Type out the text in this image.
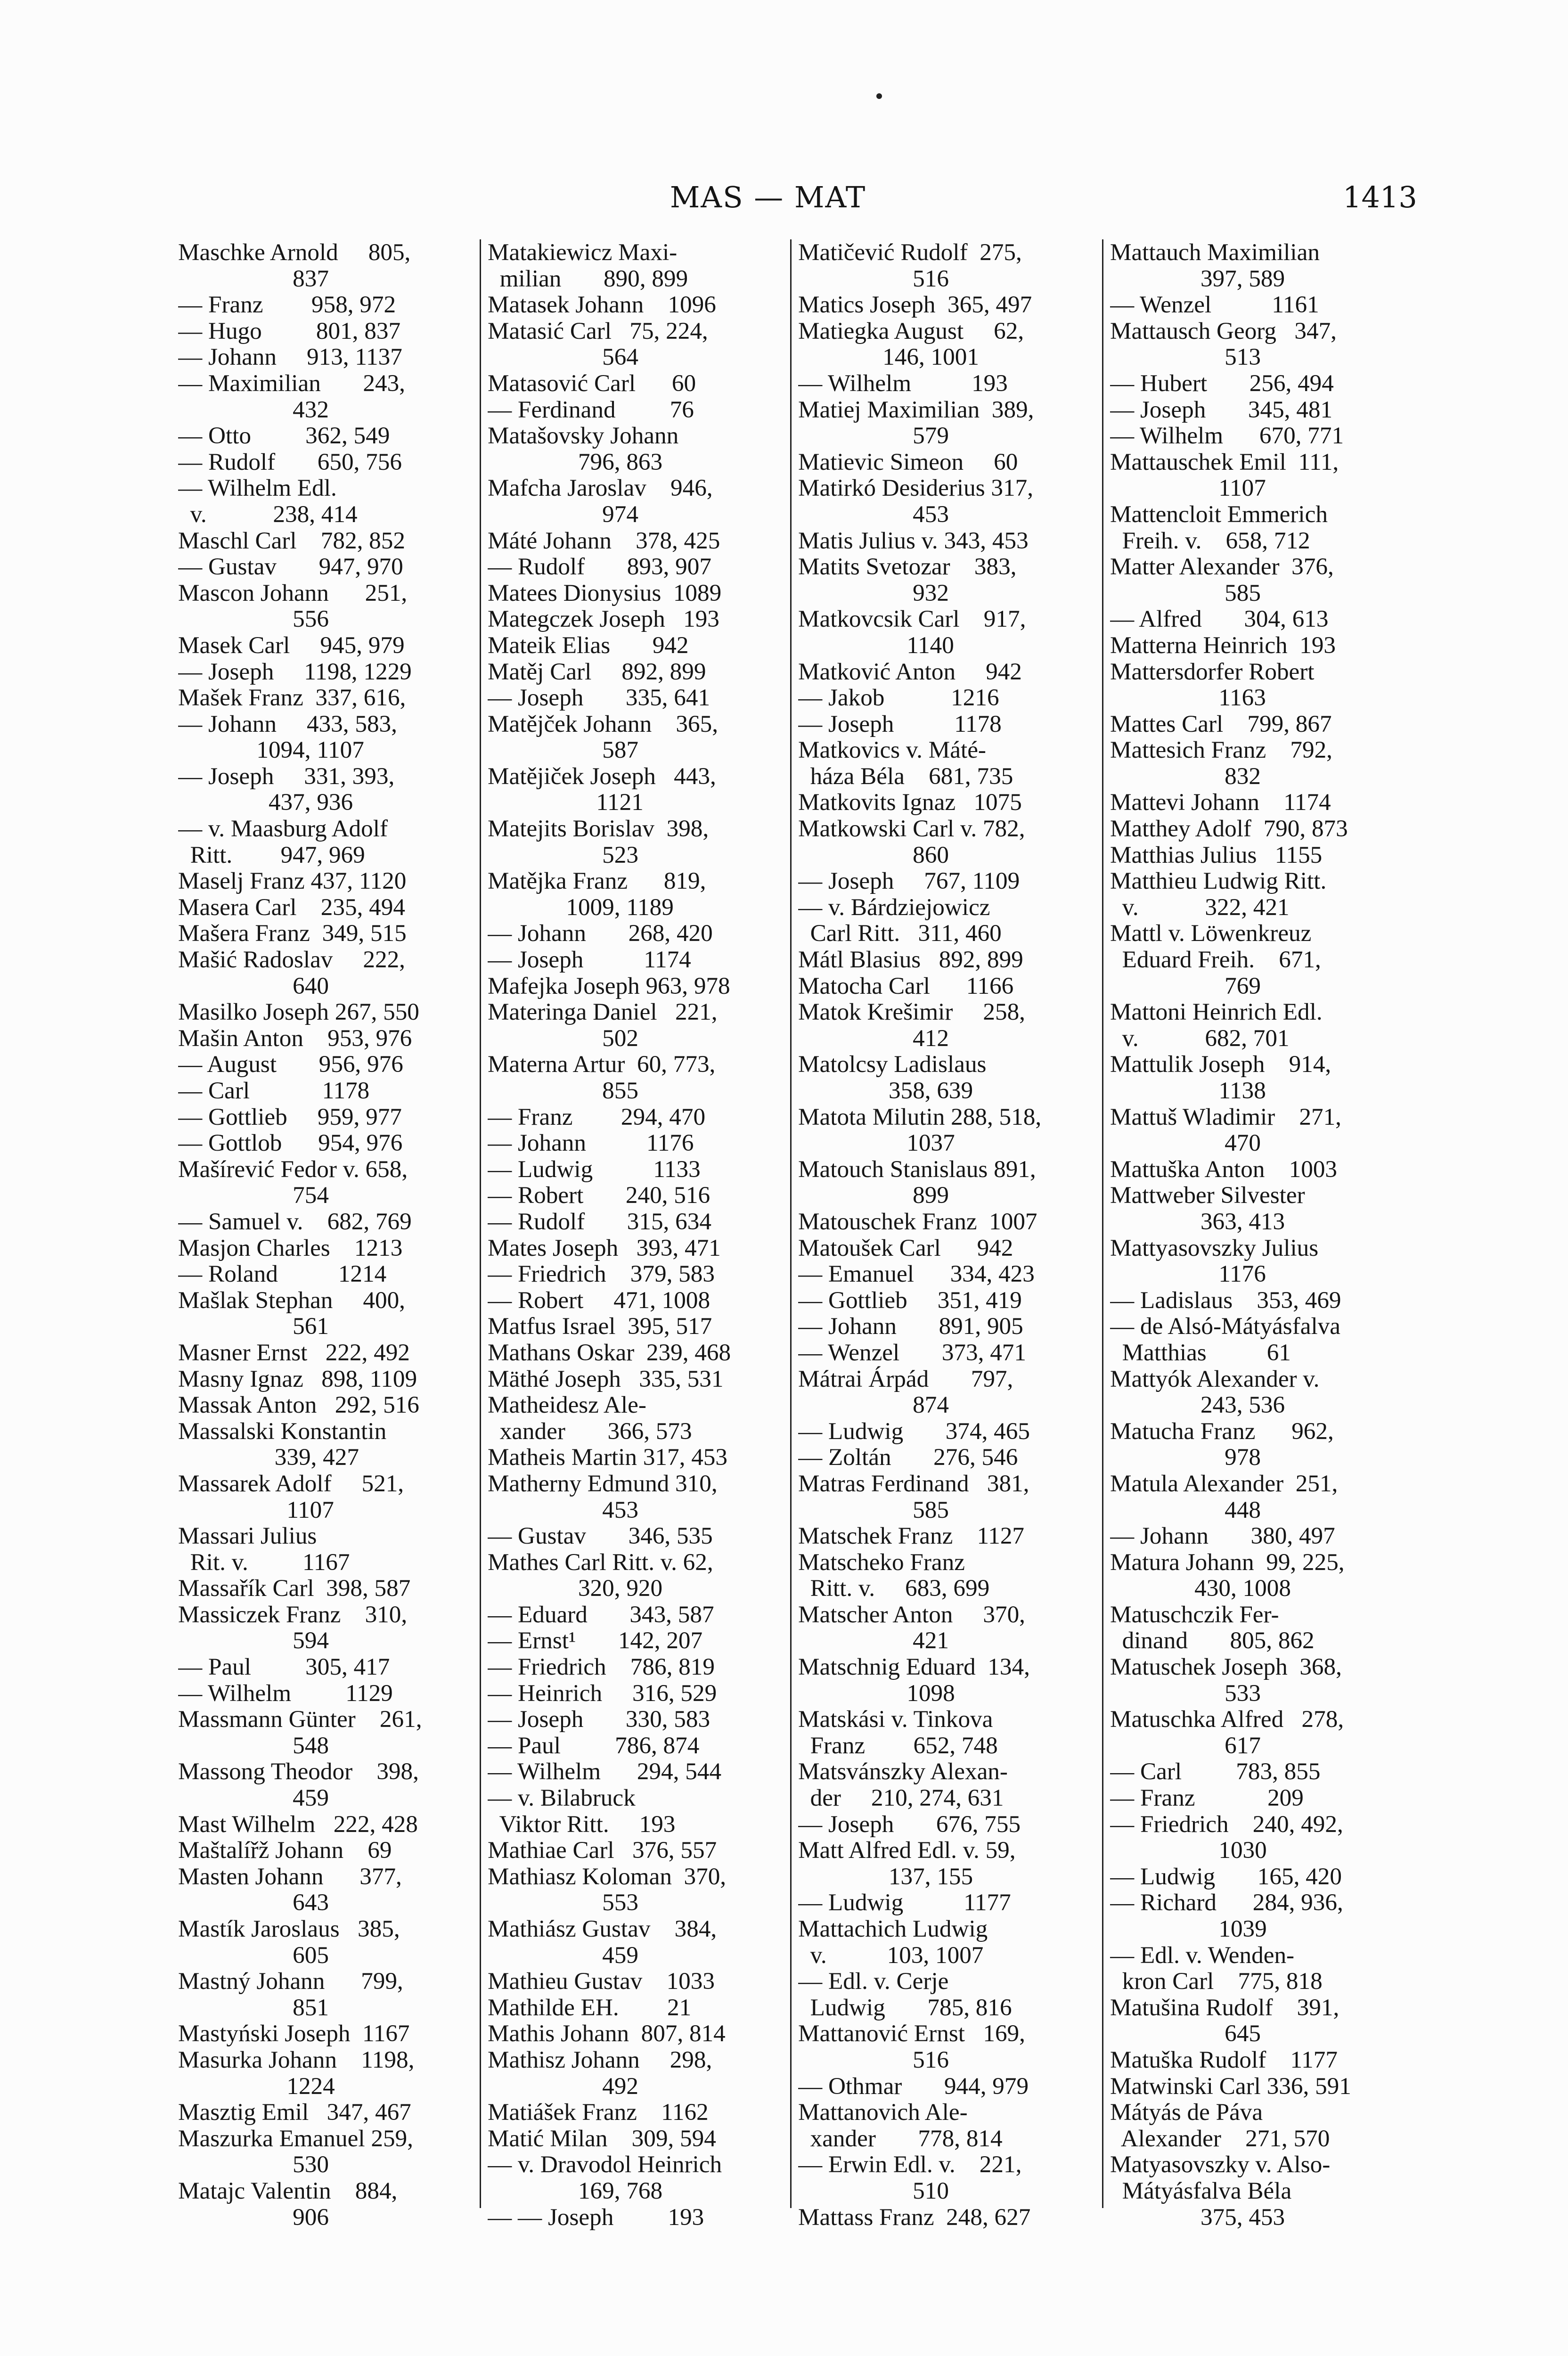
MAS — MAT	1413
Maschke Arnold     805,
837
— Franz        958, 972
— Hugo         801, 837
— Johann     913, 1137
— Maximilian       243,
432
— Otto         362, 549
— Rudolf       650, 756
— Wilhelm Edl.
v.           238, 414
Maschl Carl    782, 852
— Gustav       947, 970
Mascon Johann      251,
556
Masek Carl     945, 979
— Joseph     1198, 1229
Mašek Franz  337, 616,
— Johann     433, 583,
1094, 1107
— Joseph     331, 393,
437, 936
— v. Maasburg Adolf
Ritt.        947, 969
Maselj Franz 437, 1120
Masera Carl    235, 494
Mašera Franz  349, 515
Mašić Radoslav     222,
640
Masilko Joseph 267, 550
Mašin Anton    953, 976
— August       956, 976
— Carl            1178
— Gottlieb     959, 977
— Gottlob      954, 976
Mašírević Fedor v. 658,
754
— Samuel v.    682, 769
Masjon Charles    1213
— Roland          1214
Mašlak Stephan     400,
561
Masner Ernst   222, 492
Masny Ignaz   898, 1109
Massak Anton   292, 516
Massalski Konstantin
339, 427
Massarek Adolf     521,
1107
Massari Julius
Rit. v.         1167
Massařík Carl  398, 587
Massiczek Franz    310,
594
— Paul         305, 417
— Wilhelm         1129
Massmann Günter    261,
548
Massong Theodor    398,
459
Mast Wilhelm   222, 428
Maštalířž Johann    69
Masten Johann      377,
643
Mastík Jaroslaus   385,
605
Mastný Johann      799,
851
Mastyński Joseph  1167
Masurka Johann    1198,
1224
Masztig Emil   347, 467
Maszurka Emanuel 259,
530
Matajc Valentin    884,
906
Matakiewicz Maxi-
milian       890, 899
Matasek Johann    1096
Matasić Carl   75, 224,
564
Matasović Carl      60
— Ferdinand         76
Matašovsky Johann
796, 863
Mafcha Jaroslav    946,
974
Máté Johann    378, 425
— Rudolf       893, 907
Matees Dionysius  1089
Mategczek Joseph   193
Mateik Elias       942
Matěj Carl     892, 899
— Joseph       335, 641
Matějček Johann    365,
587
Matějiček Joseph   443,
1121
Matejits Borislav  398,
523
Matějka Franz      819,
1009, 1189
— Johann       268, 420
— Joseph          1174
Mafejka Joseph 963, 978
Materinga Daniel   221,
502
Materna Artur  60, 773,
855
— Franz        294, 470
— Johann          1176
— Ludwig          1133
— Robert       240, 516
— Rudolf       315, 634
Mates Joseph   393, 471
— Friedrich    379, 583
— Robert     471, 1008
Matfus Israel  395, 517
Mathans Oskar  239, 468
Mäthé Joseph   335, 531
Matheidesz Ale-
xander       366, 573
Matheis Martin 317, 453
Matherny Edmund 310,
453
— Gustav       346, 535
Mathes Carl Ritt. v. 62,
320, 920
— Eduard       343, 587
— Ernst¹       142, 207
— Friedrich    786, 819
— Heinrich     316, 529
— Joseph       330, 583
— Paul         786, 874
— Wilhelm      294, 544
— v. Bilabruck
Viktor Ritt.     193
Mathiae Carl   376, 557
Mathiasz Koloman  370,
553
Mathiász Gustav    384,
459
Mathieu Gustav    1033
Mathilde EH.        21
Mathis Johann  807, 814
Mathisz Johann     298,
492
Matiášek Franz    1162
Matić Milan    309, 594
— v. Dravodol Heinrich
169, 768
— — Joseph         193
Matičević Rudolf  275,
516
Matics Joseph  365, 497
Matiegka August     62,
146, 1001
— Wilhelm          193
Matiej Maximilian  389,
579
Matievic Simeon     60
Matirkó Desiderius 317,
453
Matis Julius v. 343, 453
Matits Svetozar    383,
932
Matkovcsik Carl    917,
1140
Matković Anton     942
— Jakob           1216
— Joseph          1178
Matkovics v. Máté-
háza Béla    681, 735
Matkovits Ignaz   1075
Matkowski Carl v. 782,
860
— Joseph     767, 1109
— v. Bárdziejowicz
Carl Ritt.   311, 460
Mátl Blasius   892, 899
Matocha Carl      1166
Matok Krešimir     258,
412
Matolcsy Ladislaus
358, 639
Matota Milutin 288, 518,
1037
Matouch Stanislaus 891,
899
Matouschek Franz  1007
Matoušek Carl      942
— Emanuel      334, 423
— Gottlieb     351, 419
— Johann       891, 905
— Wenzel       373, 471
Mátrai Árpád       797,
874
— Ludwig       374, 465
— Zoltán       276, 546
Matras Ferdinand   381,
585
Matschek Franz    1127
Matscheko Franz
Ritt. v.     683, 699
Matscher Anton     370,
421
Matschnig Eduard  134,
1098
Matskási v. Tinkova
Franz        652, 748
Matsvánszky Alexan-
der     210, 274, 631
— Joseph       676, 755
Matt Alfred Edl. v. 59,
137, 155
— Ludwig          1177
Mattachich Ludwig
v.          103, 1007
— Edl. v. Cerje
Ludwig       785, 816
Mattanović Ernst   169,
516
— Othmar       944, 979
Mattanovich Ale-
xander       778, 814
— Erwin Edl. v.    221,
510
Mattass Franz  248, 627
Mattauch Maximilian
397, 589
— Wenzel          1161
Mattausch Georg   347,
513
— Hubert       256, 494
— Joseph       345, 481
— Wilhelm      670, 771
Mattauschek Emil  111,
1107
Mattencloit Emmerich
Freih. v.    658, 712
Matter Alexander  376,
585
— Alfred       304, 613
Matterna Heinrich  193
Mattersdorfer Robert
1163
Mattes Carl    799, 867
Mattesich Franz    792,
832
Mattevi Johann    1174
Matthey Adolf  790, 873
Matthias Julius   1155
Matthieu Ludwig Ritt.
v.           322, 421
Mattl v. Löwenkreuz
Eduard Freih.    671,
769
Mattoni Heinrich Edl.
v.           682, 701
Mattulik Joseph    914,
1138
Mattuš Wladimir    271,
470
Mattuška Anton    1003
Mattweber Silvester
363, 413
Mattyasovszky Julius
1176
— Ladislaus    353, 469
— de Alsó-Mátyásfalva
Matthias          61
Mattyók Alexander v.
243, 536
Matucha Franz      962,
978
Matula Alexander  251,
448
— Johann       380, 497
Matura Johann  99, 225,
430, 1008
Matuschczik Fer-
dinand       805, 862
Matuschek Joseph  368,
533
Matuschka Alfred   278,
617
— Carl         783, 855
— Franz            209
— Friedrich    240, 492,
1030
— Ludwig       165, 420
— Richard      284, 936,
1039
— Edl. v. Wenden-
kron Carl    775, 818
Matušina Rudolf    391,
645
Matuška Rudolf    1177
Matwinski Carl 336, 591
Mátyás de Páva
Alexander    271, 570
Matyasovszky v. Also-
Mátyásfalva Béla
375, 453
